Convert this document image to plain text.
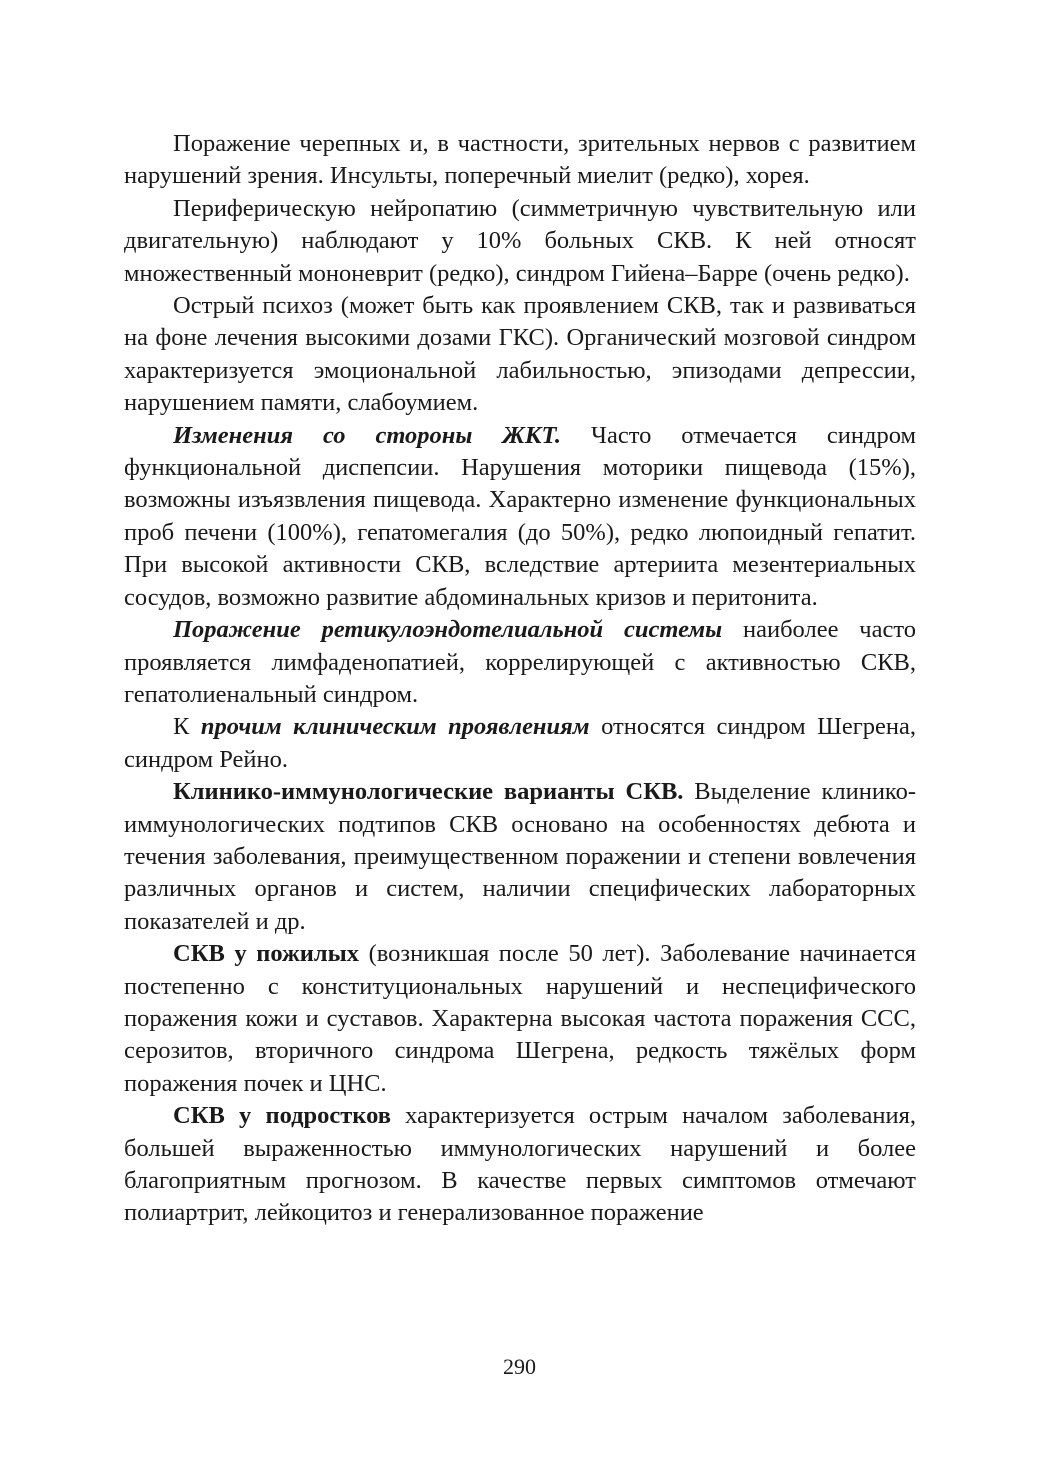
Поражение черепных и, в частности, зрительных нервов с развитием нарушений зрения. Инсульты, поперечный миелит (редко), хорея.

Периферическую нейропатию (симметричную чувствительную или двигательную) наблюдают у 10% больных СКВ. К ней относят множественный мононеврит (редко), синдром Гийена–Барре (очень редко).

Острый психоз (может быть как проявлением СКВ, так и развиваться на фоне лечения высокими дозами ГКС). Органический мозговой синдром характеризуется эмоциональной лабильностью, эпизодами депрессии, нарушением памяти, слабоумием.

Изменения со стороны ЖКТ. Часто отмечается синдром функциональной диспепсии. Нарушения моторики пищевода (15%), возможны изъязвления пищевода. Характерно изменение функциональных проб печени (100%), гепатомегалия (до 50%), редко люпоидный гепатит. При высокой активности СКВ, вследствие артериита мезентериальных сосудов, возможно развитие абдоминальных кризов и перитонита.

Поражение ретикулоэндотелиальной системы наиболее часто проявляется лимфаденопатией, коррелирующей с активностью СКВ, гепатолиенальный синдром.

К прочим клиническим проявлениям относятся синдром Шегрена, синдром Рейно.

Клинико-иммунологические варианты СКВ. Выделение клинико-иммунологических подтипов СКВ основано на особенностях дебюта и течения заболевания, преимущественном поражении и степени вовлечения различных органов и систем, наличии специфических лабораторных показателей и др.

СКВ у пожилых (возникшая после 50 лет). Заболевание начинается постепенно с конституциональных нарушений и неспецифического поражения кожи и суставов. Характерна высокая частота поражения ССС, серозитов, вторичного синдрома Шегрена, редкость тяжёлых форм поражения почек и ЦНС.

СКВ у подростков характеризуется острым началом заболевания, большей выраженностью иммунологических нарушений и более благоприятным прогнозом. В качестве первых симптомов отмечают полиартрит, лейкоцитоз и генерализованное поражение

290
